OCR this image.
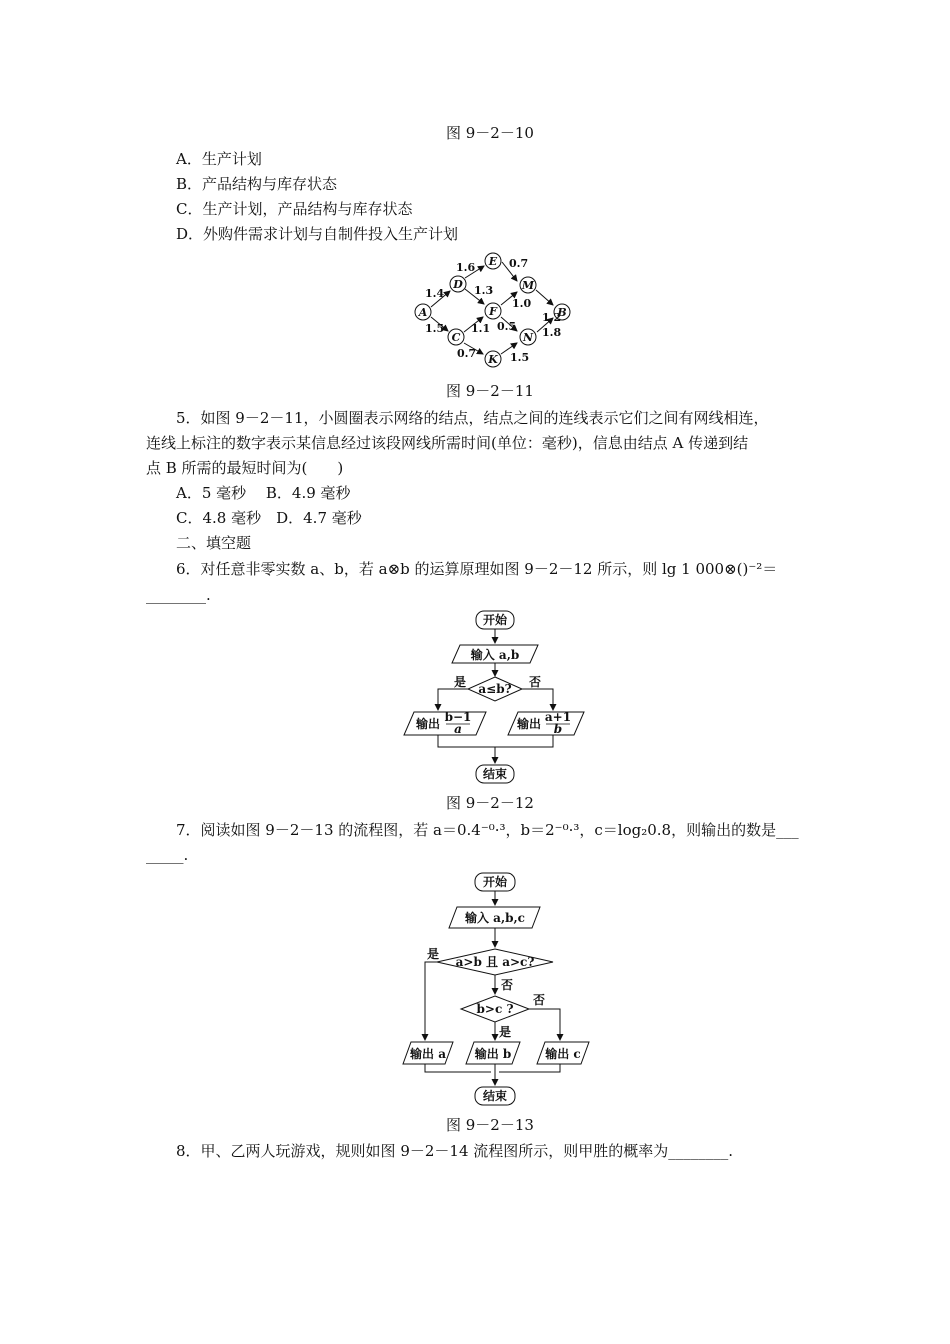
图 9－2－10
A．生产计划
B．产品结构与库存状态
C．生产计划，产品结构与库存状态
D．外购件需求计划与自制件投入生产计划
A
D
E
M
F	B
C	N
K
1.4
1.5
1.6
1.3
0.7
1.0
1.2
1.1 0.5 1.8
0.7	1.5
图 9－2－11
5．如图 9－2－11，小圆圈表示网络的结点，结点之间的连线表示它们之间有网线相连，
连线上标注的数字表示某信息经过该段网线所需时间(单位：毫秒)，信息由结点 A 传递到结
点 B 所需的最短时间为(　　)
A．5 毫秒　 B．4.9 毫秒
C．4.8 毫秒　D．4.7 毫秒
二、填空题
6．对任意非零实数 a、b，若 a⊗b 的运算原理如图 9－2－12 所示，则 lg 1 000⊗()⁻²＝
________.
开始
输入 a,b
a≤b?
是	否
输出 b−1
a	输出 a+1
b
结束
图 9－2－12
7．阅读如图 9－2－13 的流程图，若 a＝0.4⁻⁰·³，b＝2⁻⁰·³，c＝log₂0.8，则输出的数是___
_____.
开始
输入 a,b,c
a>b 且 a>c?
b>c ?
是
否
是
否
输出 a 输出 b	输出 c
结束
图 9－2－13
8．甲、乙两人玩游戏，规则如图 9－2－14 流程图所示，则甲胜的概率为________.
